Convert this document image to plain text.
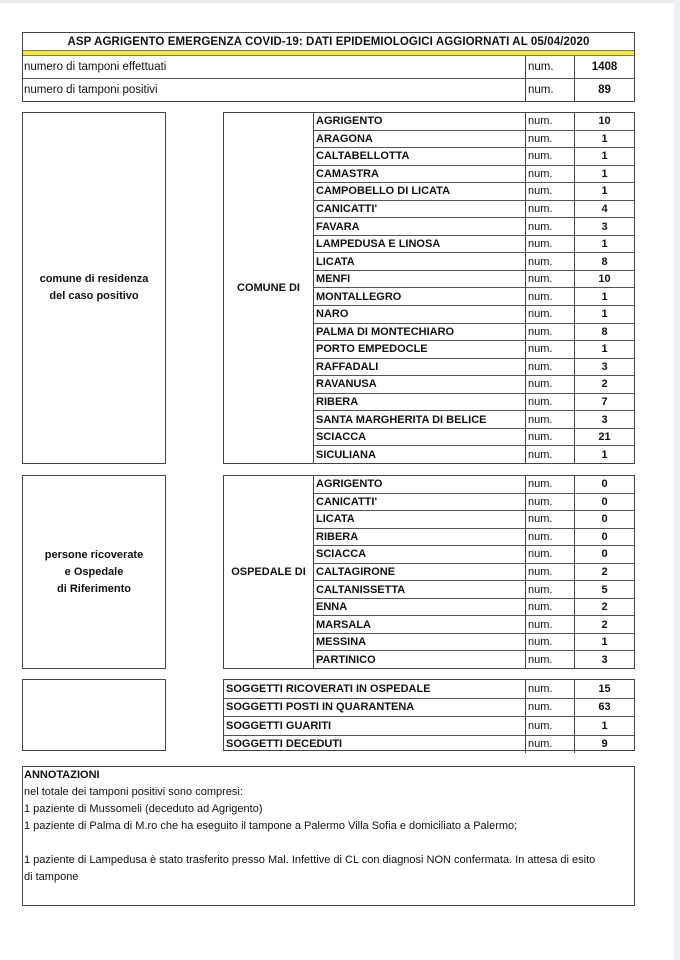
ASP AGRIGENTO EMERGENZA COVID-19: DATI EPIDEMIOLOGICI AGGIORNATI AL 05/04/2020
numero di tamponi effettuati	num.	1408
numero di tamponi positivi	num.	89
comune di residenza
del caso positivo
COMUNE DI
AGRIGENTO	num.	10
ARAGONA	num.	1
CALTABELLOTTA	num.	1
CAMASTRA	num.	1
CAMPOBELLO DI LICATA	num.	1
CANICATTI'	num.	4
FAVARA	num.	3
LAMPEDUSA E LINOSA	num.	1
LICATA	num.	8
MENFI	num.	10
MONTALLEGRO	num.	1
NARO	num.	1
PALMA DI MONTECHIARO	num.	8
PORTO EMPEDOCLE	num.	1
RAFFADALI	num.	3
RAVANUSA	num.	2
RIBERA	num.	7
SANTA MARGHERITA DI BELICE	num.	3
SCIACCA	num.	21
SICULIANA	num.	1
persone ricoverate
e Ospedale
di Riferimento
OSPEDALE DI
AGRIGENTO	num.	0
CANICATTI'	num.	0
LICATA	num.	0
RIBERA	num.	0
SCIACCA	num.	0
CALTAGIRONE	num.	2
CALTANISSETTA	num.	5
ENNA	num.	2
MARSALA	num.	2
MESSINA	num.	1
PARTINICO	num.	3
SOGGETTI RICOVERATI IN OSPEDALE	num.	15
SOGGETTI POSTI IN QUARANTENA	num.	63
SOGGETTI GUARITI	num.	1
SOGGETTI DECEDUTI	num.	9
ANNOTAZIONI
nel totale dei tamponi positivi sono compresi:
1 paziente di Mussomeli (deceduto ad Agrigento)
1 paziente di Palma di M.ro che ha eseguito il tampone a Palermo Villa Sofia e domiciliato a Palermo;
1 paziente di Lampedusa è stato trasferito presso Mal. Infettive di CL con diagnosi NON confermata. In attesa di esito
di tampone
